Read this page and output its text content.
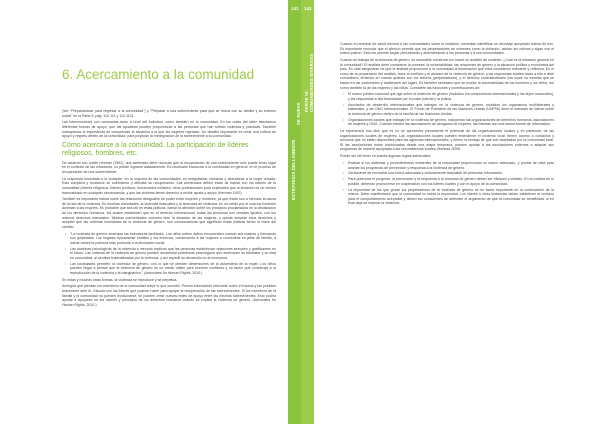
141 142
ESTRATEGIA DELLAMENTE
SE NUEVA
PARTE III: COMUNIDADES DIVERSAS
6. Acercamiento a la comunidad

(Ver "Preparándose para regresar a la comunidad") y "Preparar a una sobreviviente para que se reúna con su familia y su entorno social" en la Parte II, pág. 110-111 y 112-113).

Las intervenciones son necesarias tanto a nivel del individuo, como también en la comunidad. En las notas del taller asentamos diferentes formas de apoyo, que las ayudarán pueden proporcionar a las personas que han sufrido violencia y prácticas. También subrayamos la importancia de comprender la situación a la que las mujeres regresan. Un desafío importante es crear una cultura de apoyo y respeto dentro de la comunidad, para propiciar la reintegración de la sobreviviente a su comunidad.

Cómo acercarse a la comunidad. La participación de líderes religiosos, hombres, etc.

De acuerdo con Judith Herman (1992), una acelerado debe recordar que la recuperación de una sobreviviente sólo puede tener lugar en el contexto de las relaciones, no puede lograrse aisladamente. Es necesario involucrar a la comunidad en general, en el proceso de recuperación de una sobreviviente.

La respuesta inmediata a la violación, en la mayoría de las comunidades, es estigmatizar, rechazar y abandonar a la mujer violada. Esto complica y recarruce su sufrimiento y dificulta su recuperación. Las acelerados deben tratar de hablar con los líderes de la comunidad (líderes religiosos, líderes políticos, funcionarios militares, otros profesionales para explicarles que la violación es un crimen traumatizado en cualquier circunstancia, y que las víctimas tienen derecho a recibir ayuda y apoyo (Herman 1992).

También es importante hablar sobre las relaciones desiguales de poder entre mujeres y hombres, ya que éstas son a menudo la causa de la raíz de la violencia. En muchas sociedades, la violencia masculina y la amenaza de violencia, es un medio por el cual los hombres dominan a las mujeres. Es probable que sea útil en estas pláticas, llamar la atención sobre los principios proclamados en la declaración de los derechos humanos, los cuales establecen que en el derecho internacional, todas las personas son creadas iguales, con los mismos derechos esenciales. Muchas comunidades conocen bien la situación de las mujeres, y quizás aceptan esos derechos y aceptan que las víctimas inmediatas de la violencia de género, son consecuencias que significan estas pláticas serán la clave del cambio.

• "La violencia de género amenaza las estructuras familiares. Los niños sufren daños emocionales cuando sus madres y hermanas son golpeadas. Los hogares típicamente hostiles y los entornos, condenando a las mujeres a convertirse en jefas de familia, a luchar contra la pobreza más profunda a la disolución social.
• Las doctrinas psicológicas de la violencia a menudo implican que las personas establezcan relaciones sexuales y gratificantes en el futuro. Las víctimas de la violencia de género pueden desarrollar problemas psicológicos que amenacen su bienestar y su vida en comunidad, al sentirse traumatizadas por la violencia, y así impedir su desarrollo en la economía.
• Las sociedades permiten la violencia de género, con lo que se pierden dimensiones de la autoestima de la mujer. Los niños pueden llegar a pensar que la violencia de género es un medio válido para resolver conflictos y un factor que contribuye a la reproducción de la violencia y la marginación." (Advocates for Human Rights, 2010.)

En estas y muchas otras formas, la violencia se reproduce y se perpetúa.

Averigüe qué piensan los miembros de la comunidad sobre lo que sucedió. Provea información relevante sobre el trauma y las posibles reacciones ante él. Discuta con los líderes qué podrían hacer para apoyar la recuperación de las sobrevivientes. Si los miembros de la familia y la comunidad no pueden involucrarse, se pueden crear nuevas redes de apoyo entre las mismas sobrevivientes. Esto podría ayudar a apoyarse en los valores y principios de los derechos humanos cuando se explica la violencia de género. (Advocates for Human Rights, 2010.)

Cuando el personal de salud informa a las comunidades sobre la violación, necesitan identificar un abordaje apropiado hablar de eso. Es importante recordar que el silencio permite que los perpetradores de crímenes como la violación, actúen sin críticas y sigan con el mismo patrón. Esto les permite seguir perturbando y atormentando a las personas y a sus comunidades.

Cuando se trabaja de la violencia de género, es razonable comenzar por hacer un análisis de contexto: ¿Cuál es la situación general en la comunidad? El análisis debe considerar la pobreza, la vulnerabilidad, las relaciones de género y la situación política y económica del país. Es vital asegurarse de que el análisis proporcione a la comunidad la información que ellos consideran relevante y reflexiva. En el curso de la preparación del análisis, trace la conflicto y el alcance de la violencia de género, y las respuestas locales hacia a ella a nivel comunitario, teniendo en cuenta quiénes son los actores (perpetradores), y el derecho consuetudinario (las leyes no escritas que se basan en las costumbres y tradiciones del lugar). Es también necesario que se evalúe la vulnerabilidad de los hombres y los niños, así como también la de las mujeres y las niñas. Considere las funciones y contribuciones de:

• El marco jurídico nacional que rige sobre la violencia de género (incluidos los compromisos internacionales y las leyes nacionales), y las respuestas a ella formuladas por el poder judicial y la policía.
• Asociados de desarrollo internacionales que trabajan en la violencia de género, incluidos los organismos multilaterales y bilaterales, y las ONG Internacionales. El Fondo de Población de las Naciones Unidas (UNFPA) tiene el mandato de liderar sobre la violencia de género dentro de la familia de las Naciones Unidas.
• Organizaciones locales que trabajan en la violencia de género, incluyendo las organizaciones de derechos humanos, asociaciones de mujeres y ONG. Cuando existen las asociaciones de abogados de mujeres, las mismas son una buena fuente de información.

La experiencia nos dice que es no se aprovecha plenamente el potencial de las organizaciones locales y en particular, de las organizaciones locales de mujeres. Las organizaciones locales pueden entenderse el contexto local, tienen acceso a contactos y recursos que no están disponibles para las agencias internacionales, y tienen la ventaja de que son aceptadas por la comunidad local. Si las asociaciones están involucradas desde una etapa temprana, pueden ayudar a las asociaciones externas a adaptar sus programas de manera apropiada a las circunstancias locales (Herstad 2009).

Puede ser útil tener en cuenta algunas reglas adicionales:

• Evaluar si los sistemas y procedimientos existentes de la comunidad proporcionan un marco adecuado, y puntos de vista para ampliar los programas de prevención y respuesta a la violencia de género.
• Cerciorarse de encontrar una forma adecuada y culturalmente aceptable de presentar información.
• Para potenciar el progreso, la prevención y la respuesta a la violencia de género deben ser eficaces y visibles. En la medida de lo posible, deberían promoverse en cooperación con los líderes locales y con el apoyo de la comunidad.
• La impunidad de los que gozan los perpetradores de la violencia de género es un factor importante en la continuación de la misma. Debe manifestarse que la comunidad no tolera la impunidad. Los líderes u otras instancias deben establecer el rechazo para el comportamiento aceptable y deben ser conscientes de defender el argumento de que la comunidad se beneficiará, si en ésta deja de imperar la violencia.
